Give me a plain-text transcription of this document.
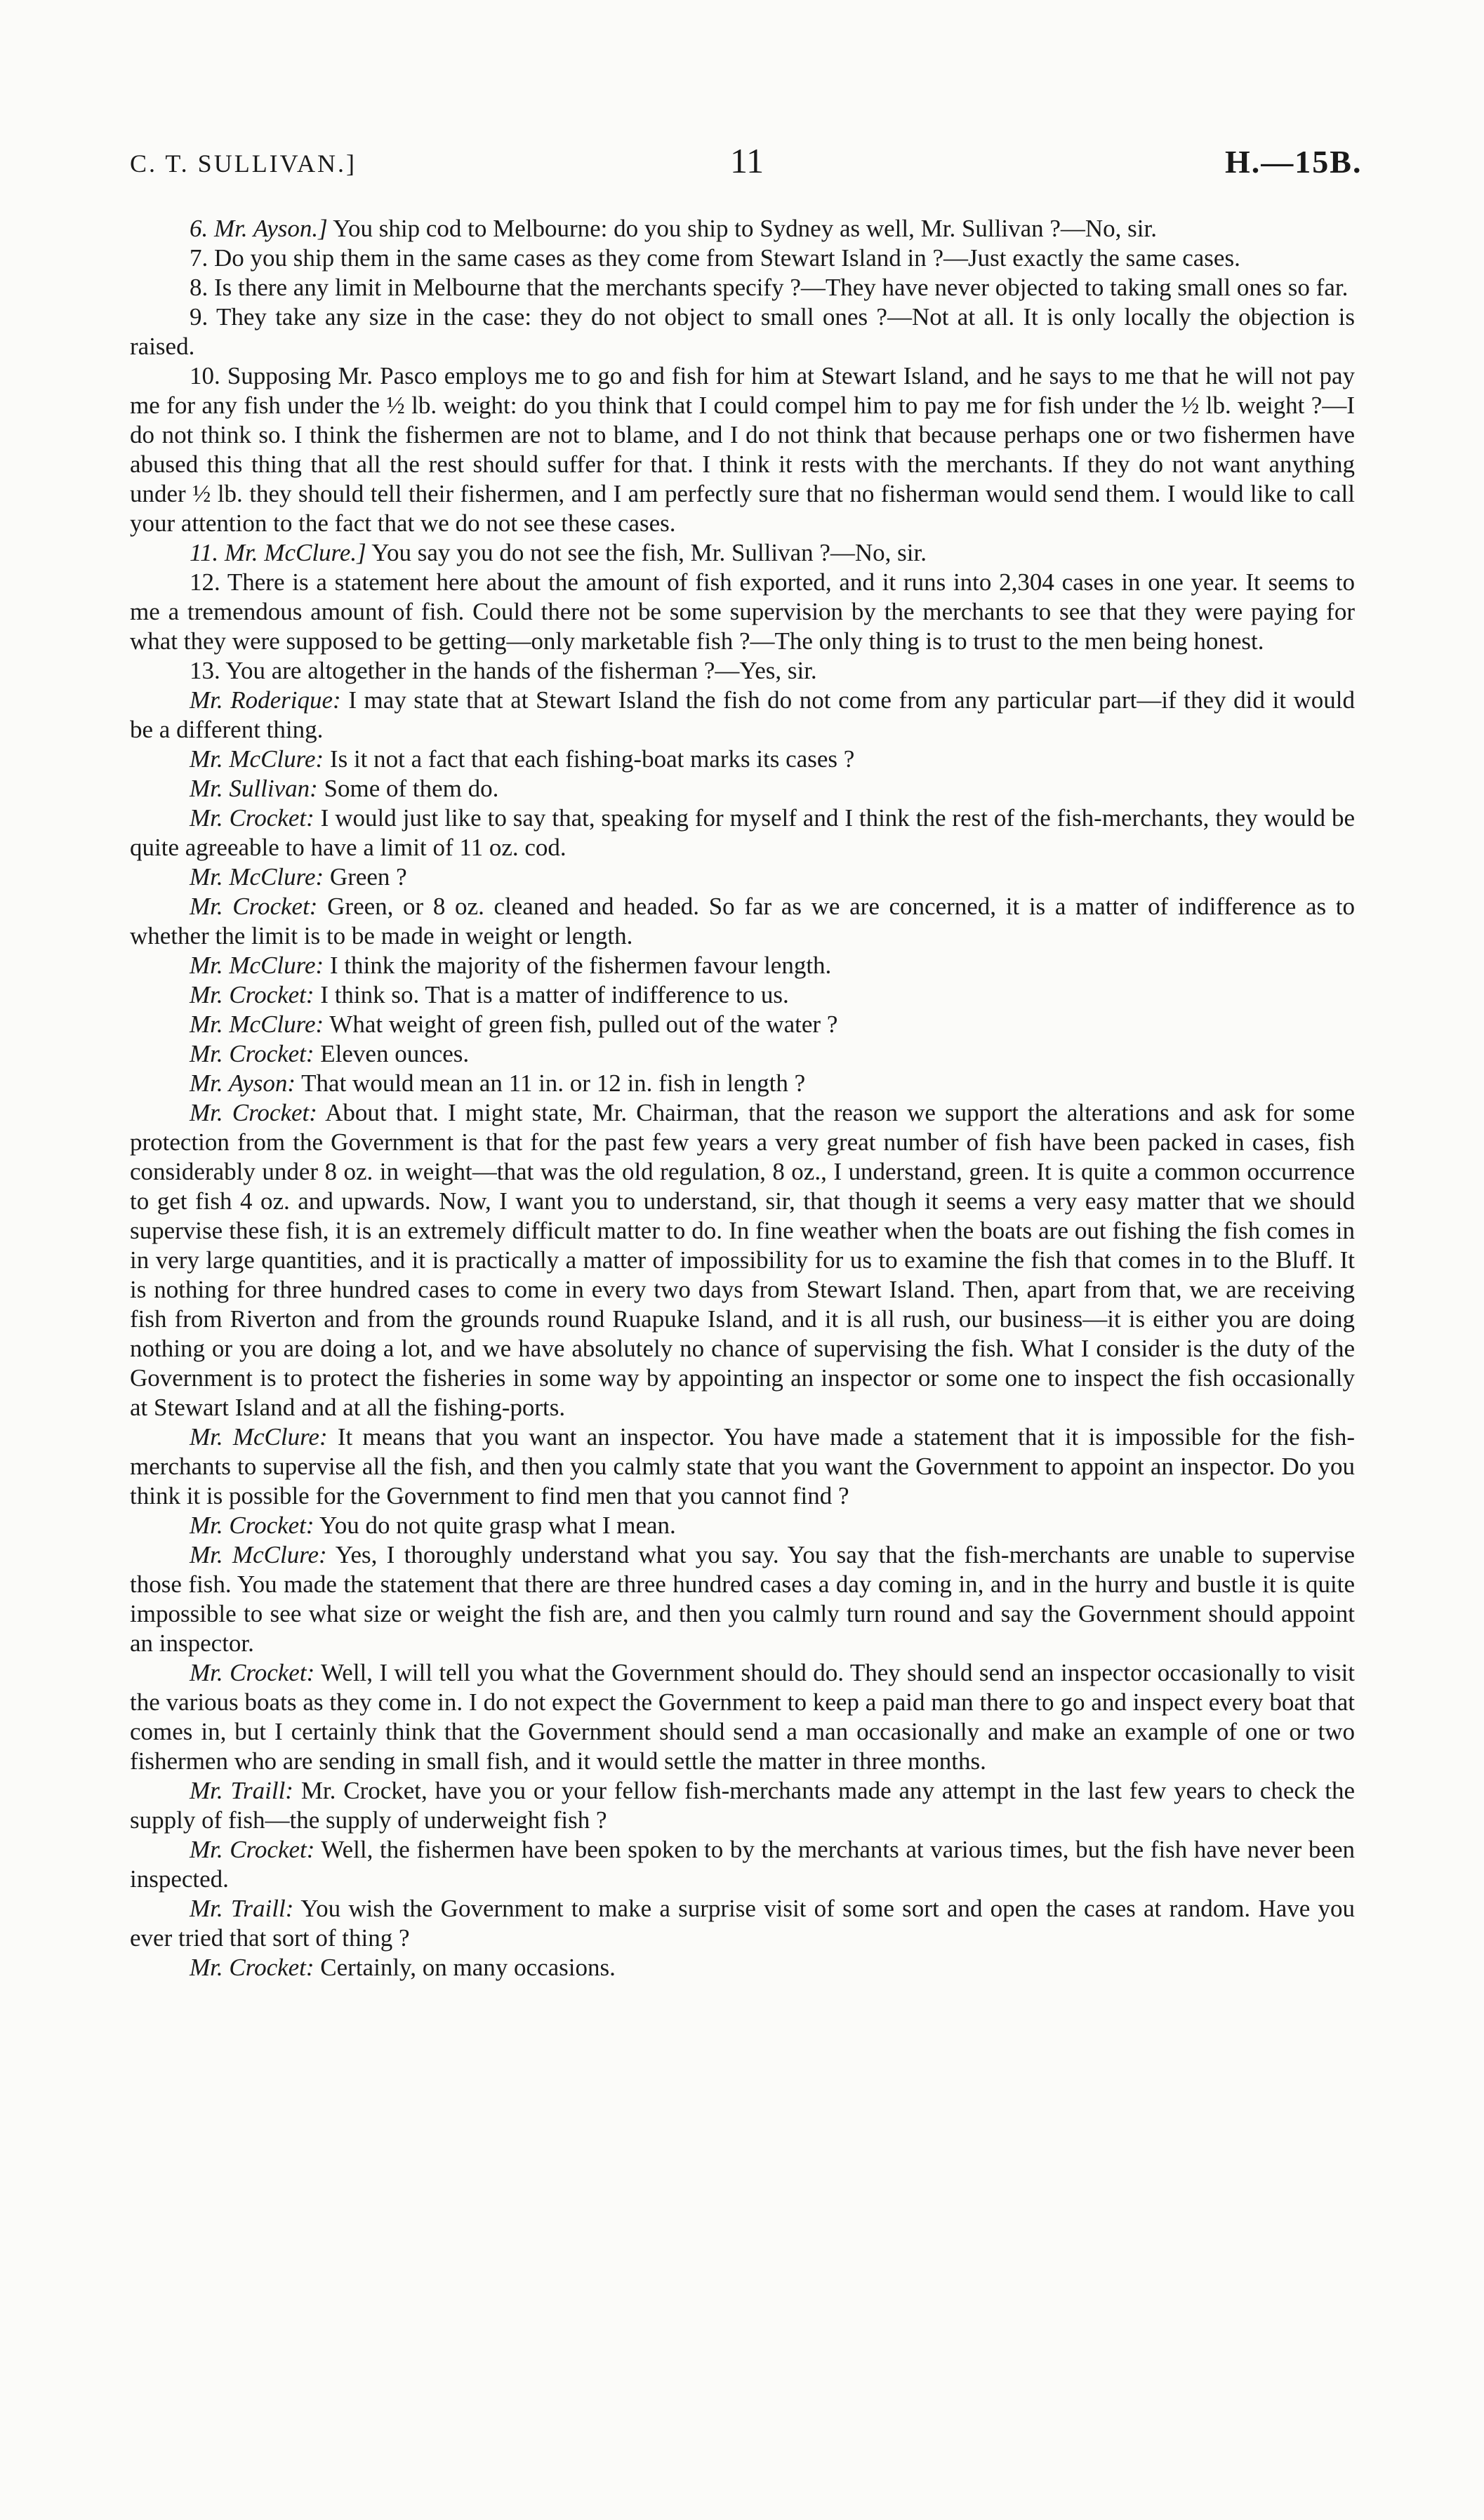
C. T. SULLIVAN.]	11	H.—15B.

6. Mr. Ayson.] You ship cod to Melbourne: do you ship to Sydney as well, Mr. Sullivan ?—No, sir.

7. Do you ship them in the same cases as they come from Stewart Island in ?—Just exactly the same cases.

8. Is there any limit in Melbourne that the merchants specify ?—They have never objected to taking small ones so far.

9. They take any size in the case: they do not object to small ones ?—Not at all. It is only locally the objection is raised.

10. Supposing Mr. Pasco employs me to go and fish for him at Stewart Island, and he says to me that he will not pay me for any fish under the ½ lb. weight: do you think that I could compel him to pay me for fish under the ½ lb. weight ?—I do not think so. I think the fishermen are not to blame, and I do not think that because perhaps one or two fishermen have abused this thing that all the rest should suffer for that. I think it rests with the merchants. If they do not want anything under ½ lb. they should tell their fishermen, and I am perfectly sure that no fisherman would send them. I would like to call your attention to the fact that we do not see these cases.

11. Mr. McClure.] You say you do not see the fish, Mr. Sullivan ?—No, sir.

12. There is a statement here about the amount of fish exported, and it runs into 2,304 cases in one year. It seems to me a tremendous amount of fish. Could there not be some supervision by the merchants to see that they were paying for what they were supposed to be getting—only marketable fish ?—The only thing is to trust to the men being honest.

13. You are altogether in the hands of the fisherman ?—Yes, sir.

Mr. Roderique: I may state that at Stewart Island the fish do not come from any particular part—if they did it would be a different thing.

Mr. McClure: Is it not a fact that each fishing-boat marks its cases ?

Mr. Sullivan: Some of them do.

Mr. Crocket: I would just like to say that, speaking for myself and I think the rest of the fish-merchants, they would be quite agreeable to have a limit of 11 oz. cod.

Mr. McClure: Green ?

Mr. Crocket: Green, or 8 oz. cleaned and headed. So far as we are concerned, it is a matter of indifference as to whether the limit is to be made in weight or length.

Mr. McClure: I think the majority of the fishermen favour length.

Mr. Crocket: I think so. That is a matter of indifference to us.

Mr. McClure: What weight of green fish, pulled out of the water ?

Mr. Crocket: Eleven ounces.

Mr. Ayson: That would mean an 11 in. or 12 in. fish in length ?

Mr. Crocket: About that. I might state, Mr. Chairman, that the reason we support the alterations and ask for some protection from the Government is that for the past few years a very great number of fish have been packed in cases, fish considerably under 8 oz. in weight—that was the old regulation, 8 oz., I understand, green. It is quite a common occurrence to get fish 4 oz. and upwards. Now, I want you to understand, sir, that though it seems a very easy matter that we should supervise these fish, it is an extremely difficult matter to do. In fine weather when the boats are out fishing the fish comes in in very large quantities, and it is practically a matter of impossibility for us to examine the fish that comes in to the Bluff. It is nothing for three hundred cases to come in every two days from Stewart Island. Then, apart from that, we are receiving fish from Riverton and from the grounds round Ruapuke Island, and it is all rush, our business—it is either you are doing nothing or you are doing a lot, and we have absolutely no chance of supervising the fish. What I consider is the duty of the Government is to protect the fisheries in some way by appointing an inspector or some one to inspect the fish occasionally at Stewart Island and at all the fishing-ports.

Mr. McClure: It means that you want an inspector. You have made a statement that it is impossible for the fish-merchants to supervise all the fish, and then you calmly state that you want the Government to appoint an inspector. Do you think it is possible for the Government to find men that you cannot find ?

Mr. Crocket: You do not quite grasp what I mean.

Mr. McClure: Yes, I thoroughly understand what you say. You say that the fish-merchants are unable to supervise those fish. You made the statement that there are three hundred cases a day coming in, and in the hurry and bustle it is quite impossible to see what size or weight the fish are, and then you calmly turn round and say the Government should appoint an inspector.

Mr. Crocket: Well, I will tell you what the Government should do. They should send an inspector occasionally to visit the various boats as they come in. I do not expect the Government to keep a paid man there to go and inspect every boat that comes in, but I certainly think that the Government should send a man occasionally and make an example of one or two fishermen who are sending in small fish, and it would settle the matter in three months.

Mr. Traill: Mr. Crocket, have you or your fellow fish-merchants made any attempt in the last few years to check the supply of fish—the supply of underweight fish ?

Mr. Crocket: Well, the fishermen have been spoken to by the merchants at various times, but the fish have never been inspected.

Mr. Traill: You wish the Government to make a surprise visit of some sort and open the cases at random. Have you ever tried that sort of thing ?

Mr. Crocket: Certainly, on many occasions.
